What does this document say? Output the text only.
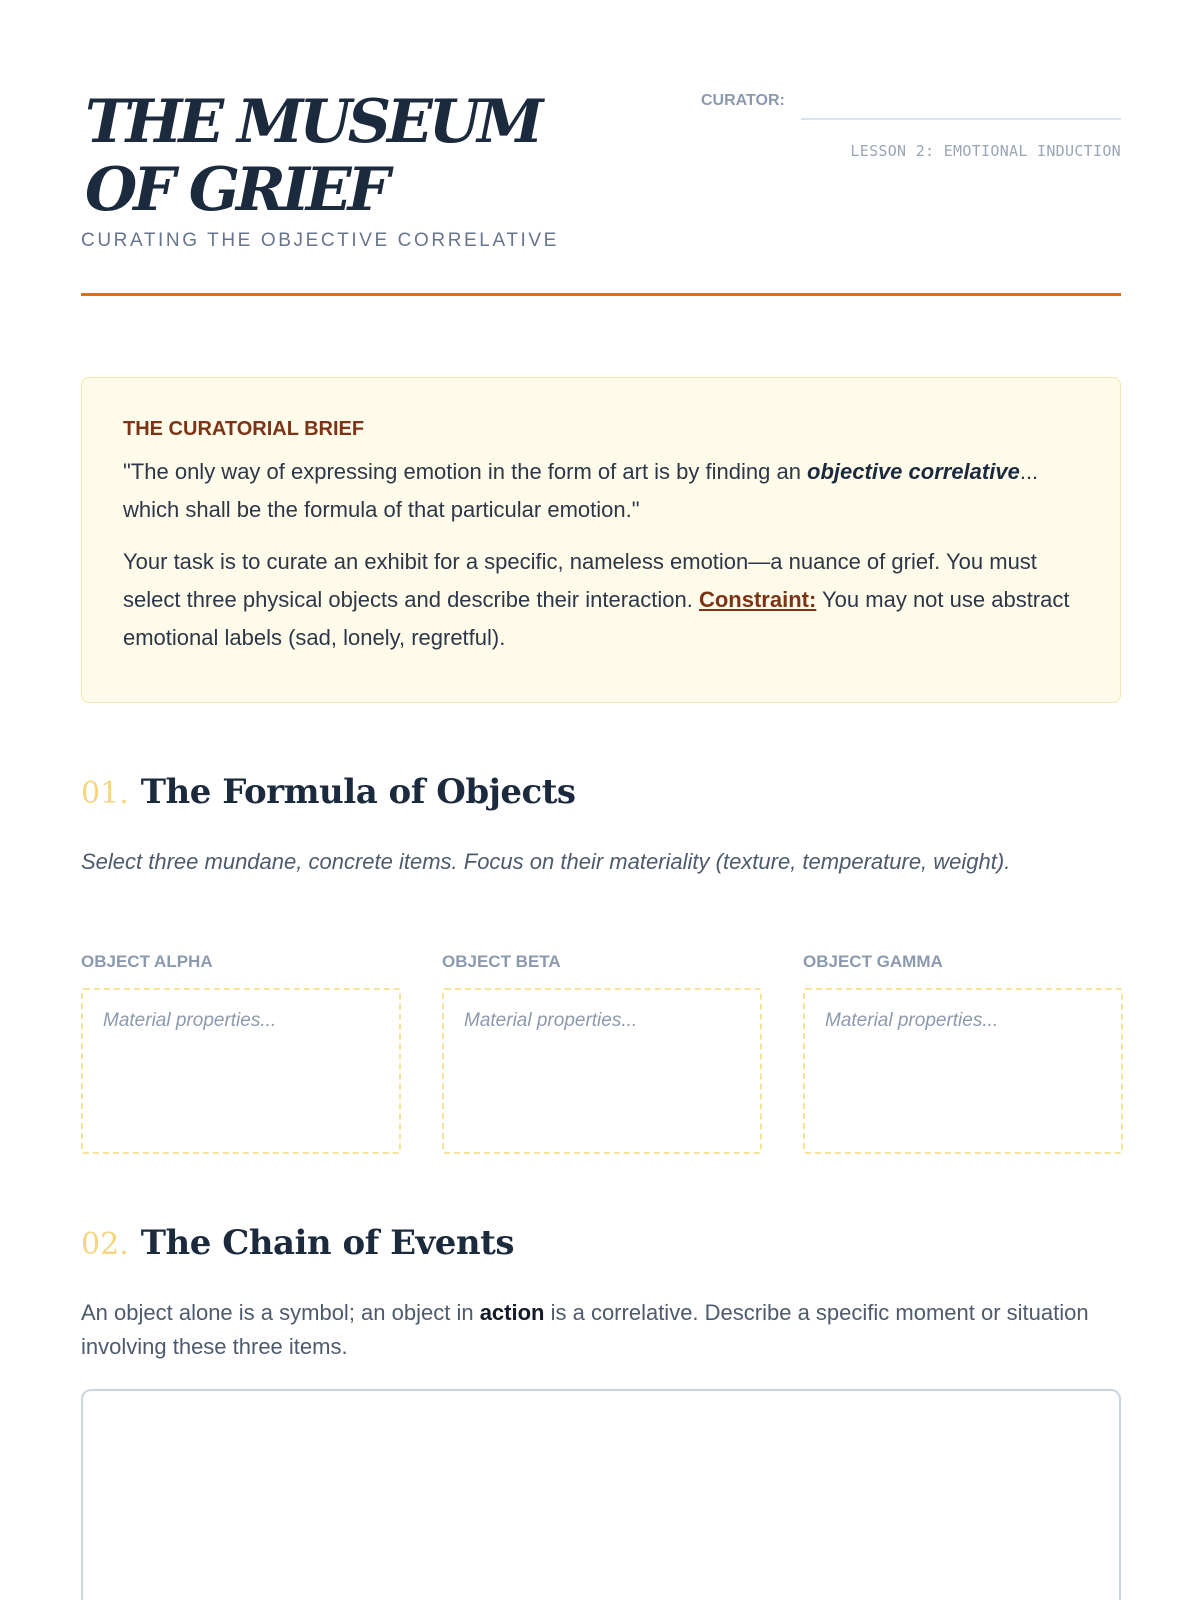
THE MUSEUM OF GRIEF
CURATING THE OBJECTIVE CORRELATIVE
CURATOR:
LESSON 2: EMOTIONAL INDUCTION
THE CURATORIAL BRIEF

"The only way of expressing emotion in the form of art is by finding an objective correlative... which shall be the formula of that particular emotion."

Your task is to curate an exhibit for a specific, nameless emotion—a nuance of grief. You must select three physical objects and describe their interaction. Constraint: You may not use abstract emotional labels (sad, lonely, regretful).

01. The Formula of Objects
Select three mundane, concrete items. Focus on their materiality (texture, temperature, weight).
OBJECT ALPHA
Material properties...	OBJECT BETA
Material properties...	OBJECT GAMMA
Material properties...
02. The Chain of Events
An object alone is a symbol; an object in action is a correlative. Describe a specific moment or situation involving these three items.
